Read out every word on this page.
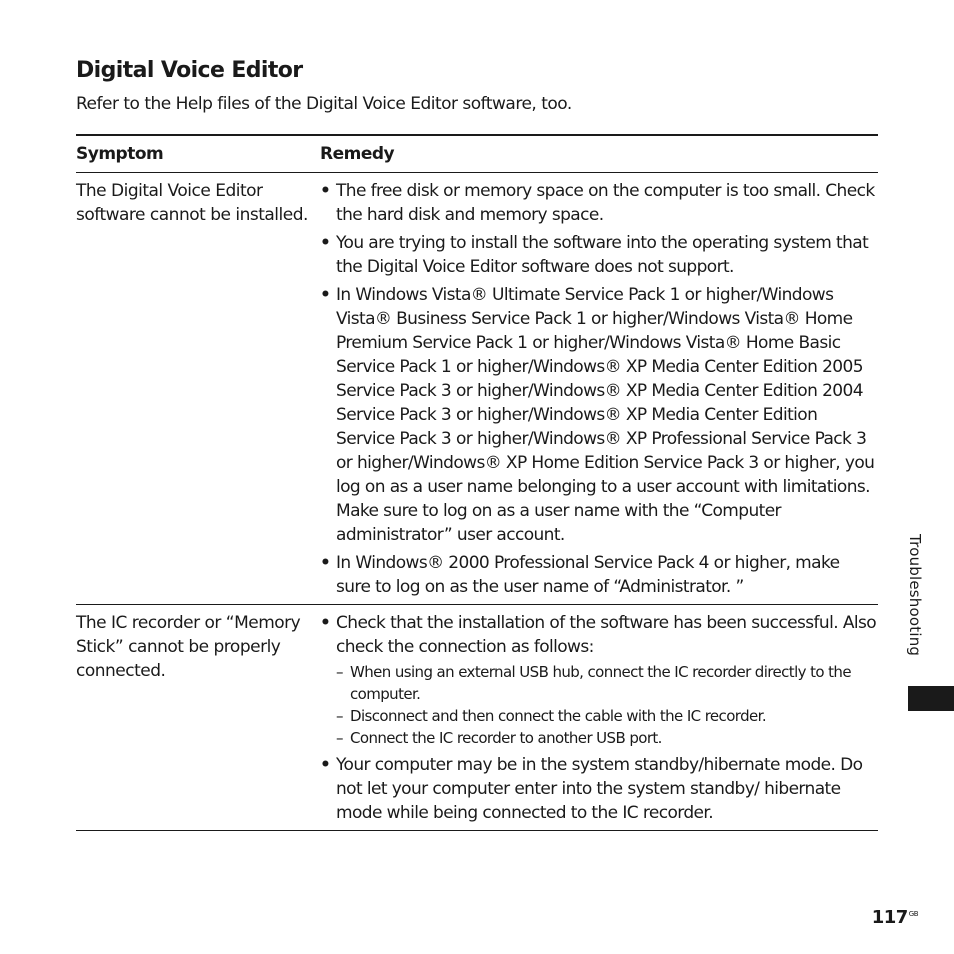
Digital Voice Editor

Refer to the Help files of the Digital Voice Editor software, too.

Symptom	Remedy
The Digital Voice Editor software cannot be installed.
• The free disk or memory space on the computer is too small. Check the hard disk and memory space.
• You are trying to install the software into the operating system that the Digital Voice Editor software does not support.
• In Windows Vista® Ultimate Service Pack 1 or higher/Windows Vista® Business Service Pack 1 or higher/Windows Vista® Home Premium Service Pack 1 or higher/Windows Vista® Home Basic Service Pack 1 or higher/Windows® XP Media Center Edition 2005 Service Pack 3 or higher/Windows® XP Media Center Edition 2004 Service Pack 3 or higher/Windows® XP Media Center Edition Service Pack 3 or higher/Windows® XP Professional Service Pack 3 or higher/Windows® XP Home Edition Service Pack 3 or higher, you log on as a user name belonging to a user account with limitations. Make sure to log on as a user name with the “Computer administrator” user account.
• In Windows® 2000 Professional Service Pack 4 or higher, make sure to log on as the user name of “Administrator. ”
The IC recorder or “Memory Stick” cannot be properly connected.
• Check that the installation of the software has been successful. Also check the connection as follows:
– When using an external USB hub, connect the IC recorder directly to the computer.
– Disconnect and then connect the cable with the IC recorder.
– Connect the IC recorder to another USB port.
• Your computer may be in the system standby/hibernate mode. Do not let your computer enter into the system standby/ hibernate mode while being connected to the IC recorder.
Troubleshooting
$117^{GB}$
